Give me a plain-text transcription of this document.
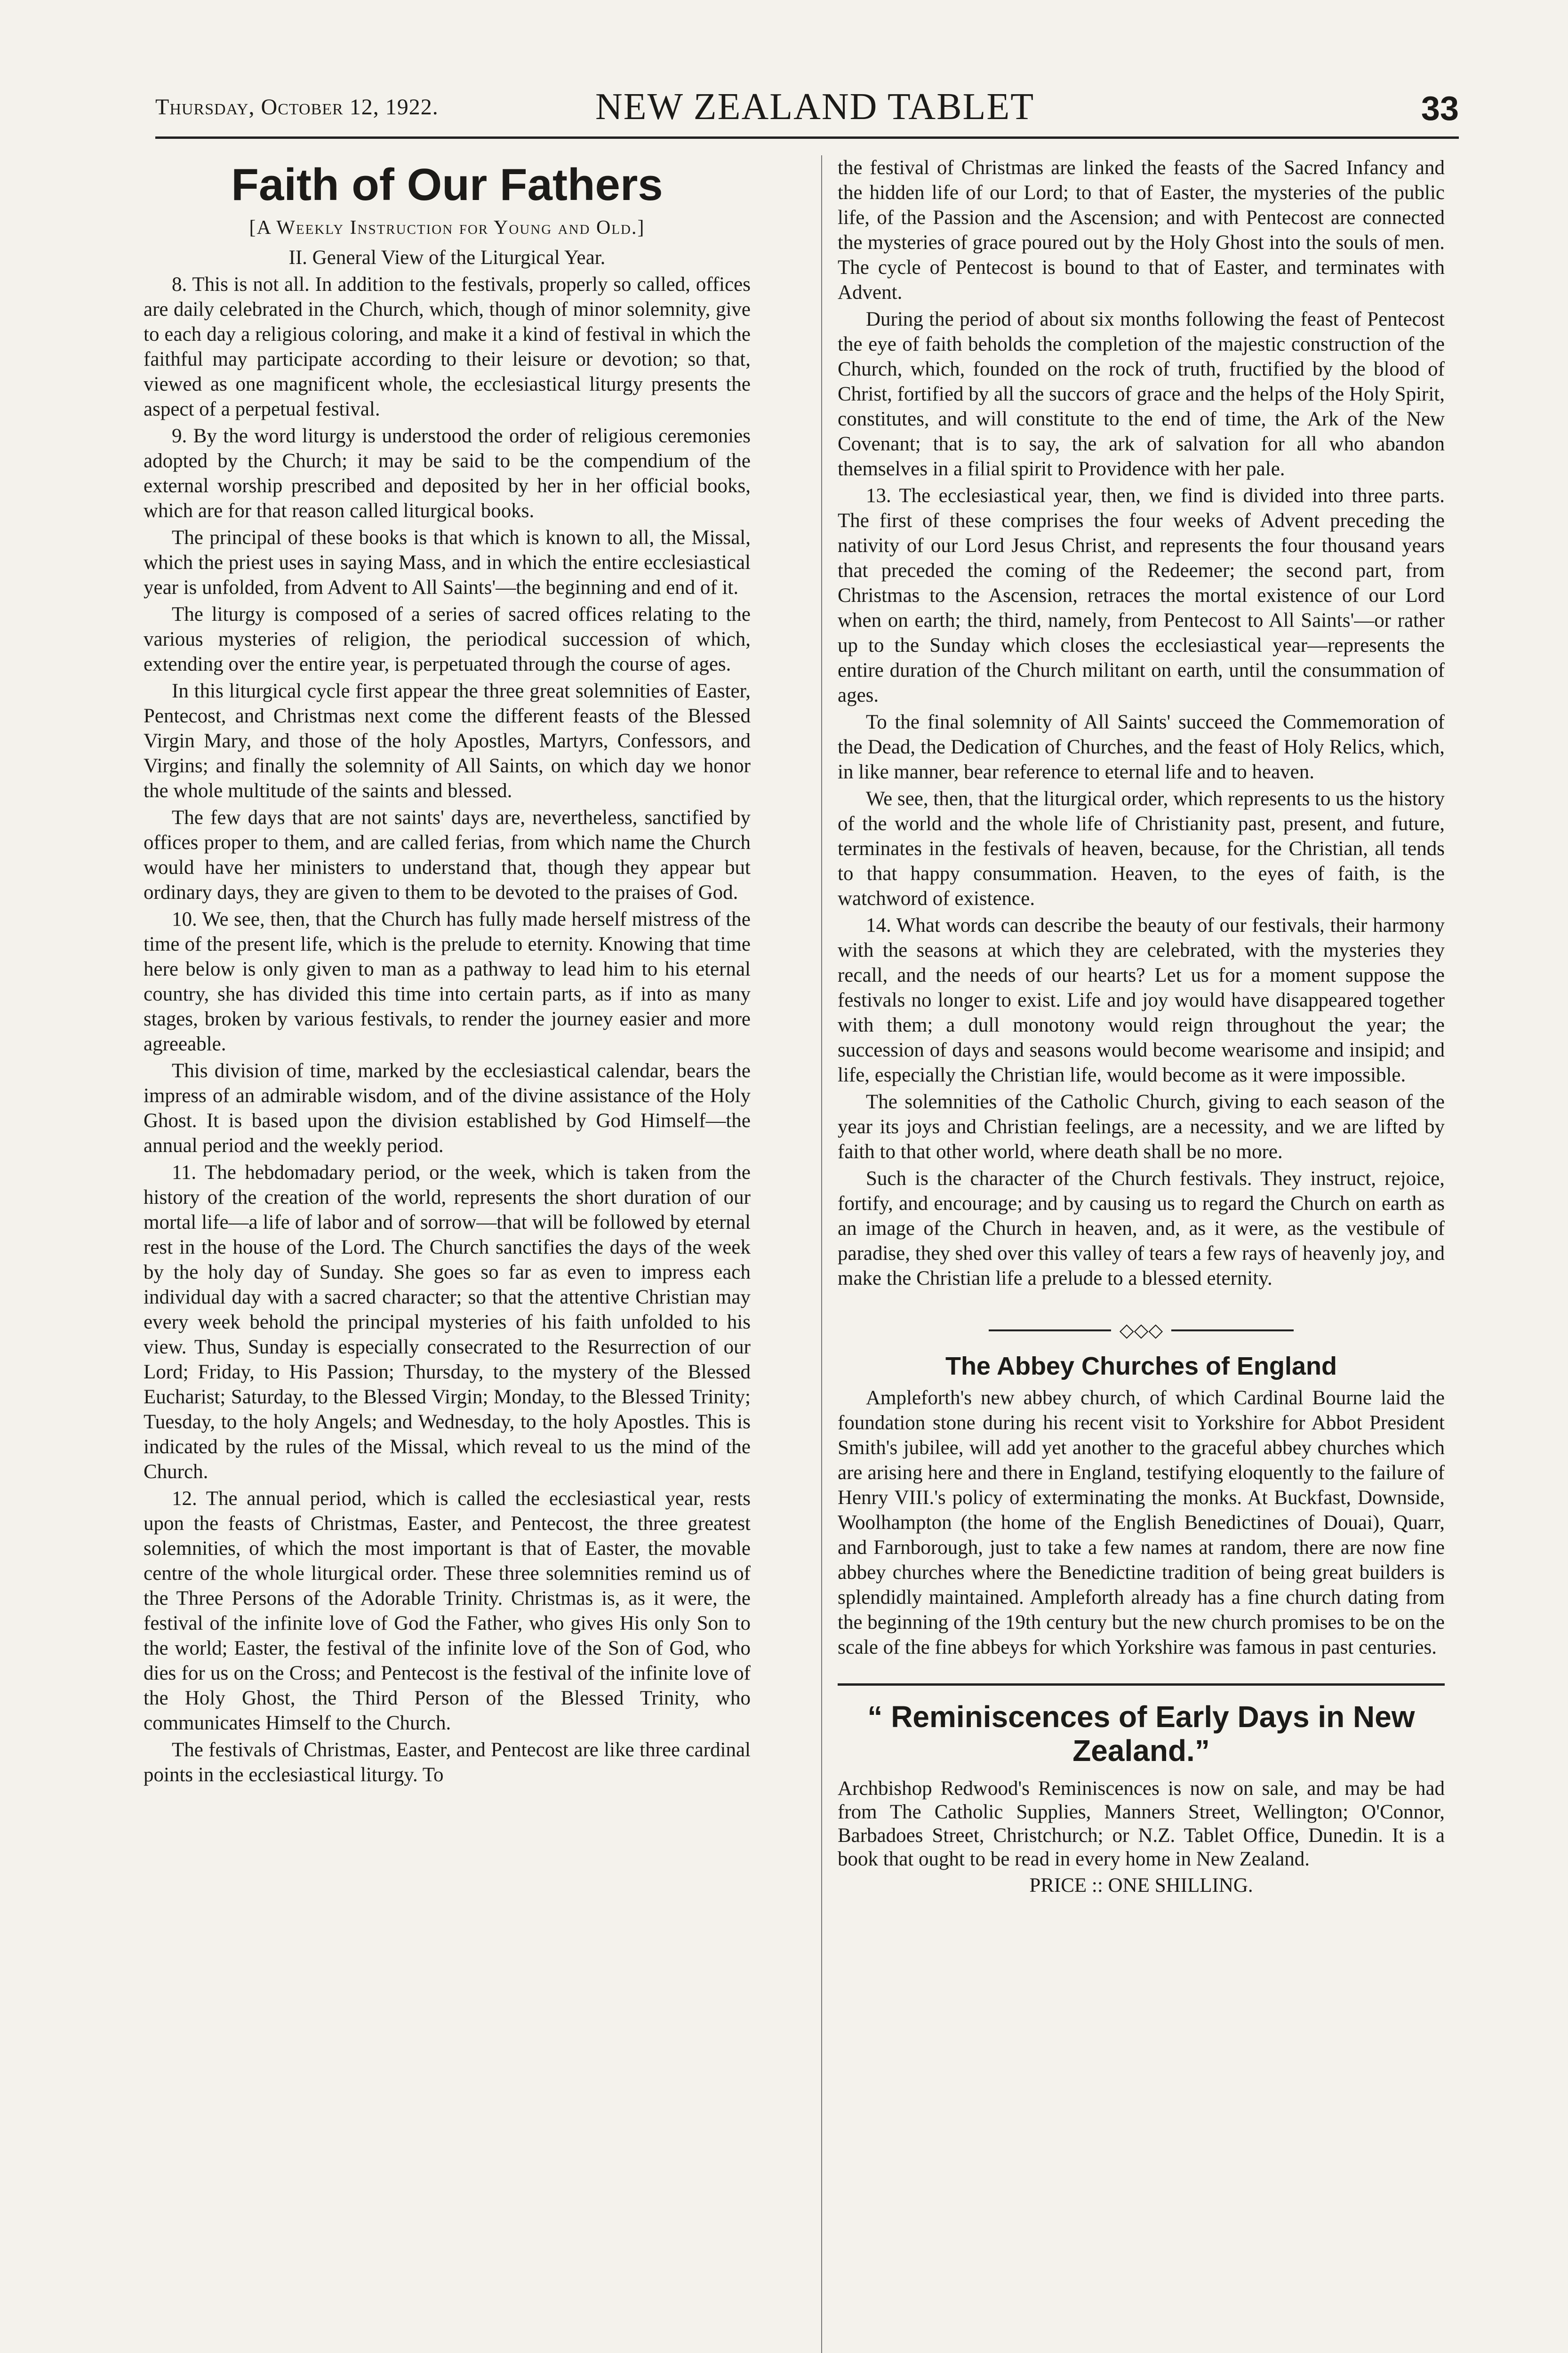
Thursday, October 12, 1922.	NEW ZEALAND TABLET	33
Faith of Our Fathers
[A Weekly Instruction for Young and Old.]
II. General View of the Liturgical Year.

8. This is not all. In addition to the festivals, properly so called, offices are daily celebrated in the Church, which, though of minor solemnity, give to each day a religious coloring, and make it a kind of festival in which the faithful may participate according to their leisure or devotion; so that, viewed as one magnificent whole, the ecclesiastical liturgy presents the aspect of a perpetual festival.

9. By the word liturgy is understood the order of religious ceremonies adopted by the Church; it may be said to be the compendium of the external worship prescribed and deposited by her in her official books, which are for that reason called liturgical books.

The principal of these books is that which is known to all, the Missal, which the priest uses in saying Mass, and in which the entire ecclesiastical year is unfolded, from Advent to All Saints'—the beginning and end of it.

The liturgy is composed of a series of sacred offices relating to the various mysteries of religion, the periodical succession of which, extending over the entire year, is perpetuated through the course of ages.

In this liturgical cycle first appear the three great solemnities of Easter, Pentecost, and Christmas next come the different feasts of the Blessed Virgin Mary, and those of the holy Apostles, Martyrs, Confessors, and Virgins; and finally the solemnity of All Saints, on which day we honor the whole multitude of the saints and blessed.

The few days that are not saints' days are, nevertheless, sanctified by offices proper to them, and are called ferias, from which name the Church would have her ministers to understand that, though they appear but ordinary days, they are given to them to be devoted to the praises of God.

10. We see, then, that the Church has fully made herself mistress of the time of the present life, which is the prelude to eternity. Knowing that time here below is only given to man as a pathway to lead him to his eternal country, she has divided this time into certain parts, as if into as many stages, broken by various festivals, to render the journey easier and more agreeable.

This division of time, marked by the ecclesiastical calendar, bears the impress of an admirable wisdom, and of the divine assistance of the Holy Ghost. It is based upon the division established by God Himself—the annual period and the weekly period.

11. The hebdomadary period, or the week, which is taken from the history of the creation of the world, represents the short duration of our mortal life—a life of labor and of sorrow—that will be followed by eternal rest in the house of the Lord. The Church sanctifies the days of the week by the holy day of Sunday. She goes so far as even to impress each individual day with a sacred character; so that the attentive Christian may every week behold the principal mysteries of his faith unfolded to his view. Thus, Sunday is especially consecrated to the Resurrection of our Lord; Friday, to His Passion; Thursday, to the mystery of the Blessed Eucharist; Saturday, to the Blessed Virgin; Monday, to the Blessed Trinity; Tuesday, to the holy Angels; and Wednesday, to the holy Apostles. This is indicated by the rules of the Missal, which reveal to us the mind of the Church.

12. The annual period, which is called the ecclesiastical year, rests upon the feasts of Christmas, Easter, and Pentecost, the three greatest solemnities, of which the most important is that of Easter, the movable centre of the whole liturgical order. These three solemnities remind us of the Three Persons of the Adorable Trinity. Christmas is, as it were, the festival of the infinite love of God the Father, who gives His only Son to the world; Easter, the festival of the infinite love of the Son of God, who dies for us on the Cross; and Pentecost is the festival of the infinite love of the Holy Ghost, the Third Person of the Blessed Trinity, who communicates Himself to the Church.

The festivals of Christmas, Easter, and Pentecost are like three cardinal points in the ecclesiastical liturgy. To

the festival of Christmas are linked the feasts of the Sacred Infancy and the hidden life of our Lord; to that of Easter, the mysteries of the public life, of the Passion and the Ascension; and with Pentecost are connected the mysteries of grace poured out by the Holy Ghost into the souls of men. The cycle of Pentecost is bound to that of Easter, and terminates with Advent.

During the period of about six months following the feast of Pentecost the eye of faith beholds the completion of the majestic construction of the Church, which, founded on the rock of truth, fructified by the blood of Christ, fortified by all the succors of grace and the helps of the Holy Spirit, constitutes, and will constitute to the end of time, the Ark of the New Covenant; that is to say, the ark of salvation for all who abandon themselves in a filial spirit to Providence with her pale.

13. The ecclesiastical year, then, we find is divided into three parts. The first of these comprises the four weeks of Advent preceding the nativity of our Lord Jesus Christ, and represents the four thousand years that preceded the coming of the Redeemer; the second part, from Christmas to the Ascension, retraces the mortal existence of our Lord when on earth; the third, namely, from Pentecost to All Saints'—or rather up to the Sunday which closes the ecclesiastical year—represents the entire duration of the Church militant on earth, until the consummation of ages.

To the final solemnity of All Saints' succeed the Commemoration of the Dead, the Dedication of Churches, and the feast of Holy Relics, which, in like manner, bear reference to eternal life and to heaven.

We see, then, that the liturgical order, which represents to us the history of the world and the whole life of Christianity past, present, and future, terminates in the festivals of heaven, because, for the Christian, all tends to that happy consummation. Heaven, to the eyes of faith, is the watchword of existence.

14. What words can describe the beauty of our festivals, their harmony with the seasons at which they are celebrated, with the mysteries they recall, and the needs of our hearts? Let us for a moment suppose the festivals no longer to exist. Life and joy would have disappeared together with them; a dull monotony would reign throughout the year; the succession of days and seasons would become wearisome and insipid; and life, especially the Christian life, would become as it were impossible.

The solemnities of the Catholic Church, giving to each season of the year its joys and Christian feelings, are a necessity, and we are lifted by faith to that other world, where death shall be no more.

Such is the character of the Church festivals. They instruct, rejoice, fortify, and encourage; and by causing us to regard the Church on earth as an image of the Church in heaven, and, as it were, as the vestibule of paradise, they shed over this valley of tears a few rays of heavenly joy, and make the Christian life a prelude to a blessed eternity.

◇◇◇
The Abbey Churches of England

Ampleforth's new abbey church, of which Cardinal Bourne laid the foundation stone during his recent visit to Yorkshire for Abbot President Smith's jubilee, will add yet another to the graceful abbey churches which are arising here and there in England, testifying eloquently to the failure of Henry VIII.'s policy of exterminating the monks. At Buckfast, Downside, Woolhampton (the home of the English Benedictines of Douai), Quarr, and Farnborough, just to take a few names at random, there are now fine abbey churches where the Benedictine tradition of being great builders is splendidly maintained. Ampleforth already has a fine church dating from the beginning of the 19th century but the new church promises to be on the scale of the fine abbeys for which Yorkshire was famous in past centuries.

“ Reminiscences of Early Days in New Zealand.”
Archbishop Redwood's Reminiscences is now on sale, and may be had from The Catholic Supplies, Manners Street, Wellington; O'Connor, Barbadoes Street, Christchurch; or N.Z. Tablet Office, Dunedin. It is a book that ought to be read in every home in New Zealand.
PRICE :: ONE SHILLING.
